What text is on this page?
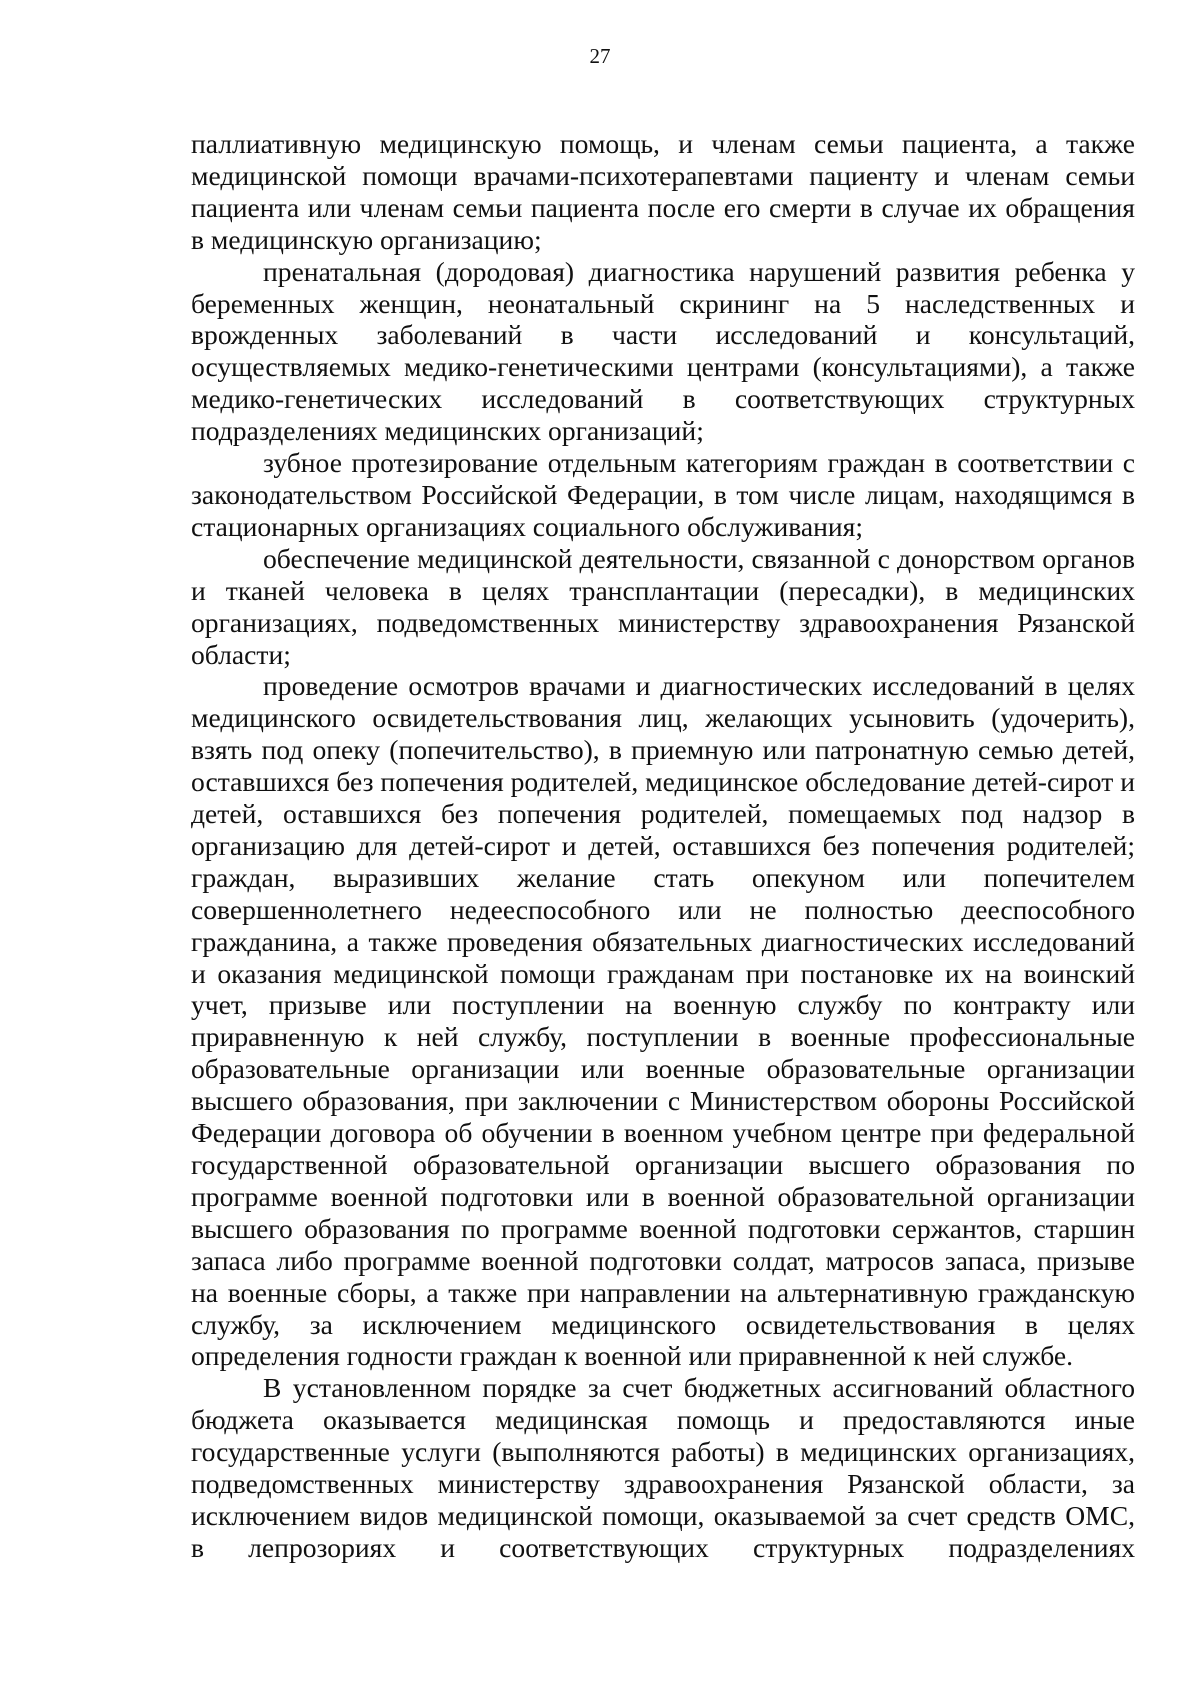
27

паллиативную медицинскую помощь, и членам семьи пациента, а также медицинской помощи врачами-психотерапевтами пациенту и членам семьи пациента или членам семьи пациента после его смерти в случае их обращения в медицинскую организацию;

пренатальная (дородовая) диагностика нарушений развития ребенка у беременных женщин, неонатальный скрининг на 5 наследственных и врожденных заболеваний в части исследований и консультаций, осуществляемых медико-генетическими центрами (консультациями), а также медико-генетических исследований в соответствующих структурных подразделениях медицинских организаций;

зубное протезирование отдельным категориям граждан в соответствии с законодательством Российской Федерации, в том числе лицам, находящимся в стационарных организациях социального обслуживания;

обеспечение медицинской деятельности, связанной с донорством органов и тканей человека в целях трансплантации (пересадки), в медицинских организациях, подведомственных министерству здравоохранения Рязанской области;

проведение осмотров врачами и диагностических исследований в целях медицинского освидетельствования лиц, желающих усыновить (удочерить), взять под опеку (попечительство), в приемную или патронатную семью детей, оставшихся без попечения родителей, медицинское обследование детей-сирот и детей, оставшихся без попечения родителей, помещаемых под надзор в организацию для детей-сирот и детей, оставшихся без попечения родителей; граждан, выразивших желание стать опекуном или попечителем совершеннолетнего недееспособного или не полностью дееспособного гражданина, а также проведения обязательных диагностических исследований и оказания медицинской помощи гражданам при постановке их на воинский учет, призыве или поступлении на военную службу по контракту или приравненную к ней службу, поступлении в военные профессиональные образовательные организации или военные образовательные организации высшего образования, при заключении с Министерством обороны Российской Федерации договора об обучении в военном учебном центре при федеральной государственной образовательной организации высшего образования по программе военной подготовки или в военной образовательной организации высшего образования по программе военной подготовки сержантов, старшин запаса либо программе военной подготовки солдат, матросов запаса, призыве на военные сборы, а также при направлении на альтернативную гражданскую службу, за исключением медицинского освидетельствования в целях определения годности граждан к военной или приравненной к ней службе.

В установленном порядке за счет бюджетных ассигнований областного бюджета оказывается медицинская помощь и предоставляются иные государственные услуги (выполняются работы) в медицинских организациях, подведомственных министерству здравоохранения Рязанской области, за исключением видов медицинской помощи, оказываемой за счет средств ОМС, в лепрозориях и соответствующих структурных подразделениях
